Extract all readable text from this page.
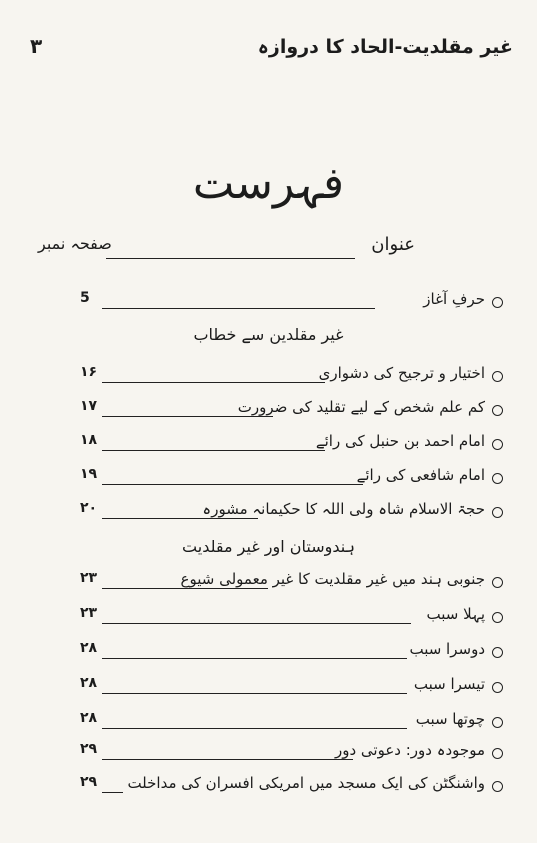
غیر مقلدیت-الحاد کا دروازہ
۳
فہرست
صفحہ نمبر	عنوان
حرفِ آغاز
5
غیر مقلدین سے خطاب
اختیار و ترجیح کی دشواری
۱۶
کم علم شخص کے لیے تقلید کی ضرورت
۱۷
امام احمد بن حنبل کی رائے
۱۸
امام شافعی کی رائے
۱۹
حجۃ الاسلام شاہ ولی اللہ کا حکیمانہ مشورہ
۲۰
ہندوستان اور غیر مقلدیت
جنوبی ہند میں غیر مقلدیت کا غیر معمولی شیوع
۲۳
پہلا سبب
۲۳
دوسرا سبب
۲۸
تیسرا سبب
۲۸
چوتھا سبب
۲۸
موجودہ دور: دعوتی دور
۲۹
واشنگٹن کی ایک مسجد میں امریکی افسران کی مداخلت
۲۹
